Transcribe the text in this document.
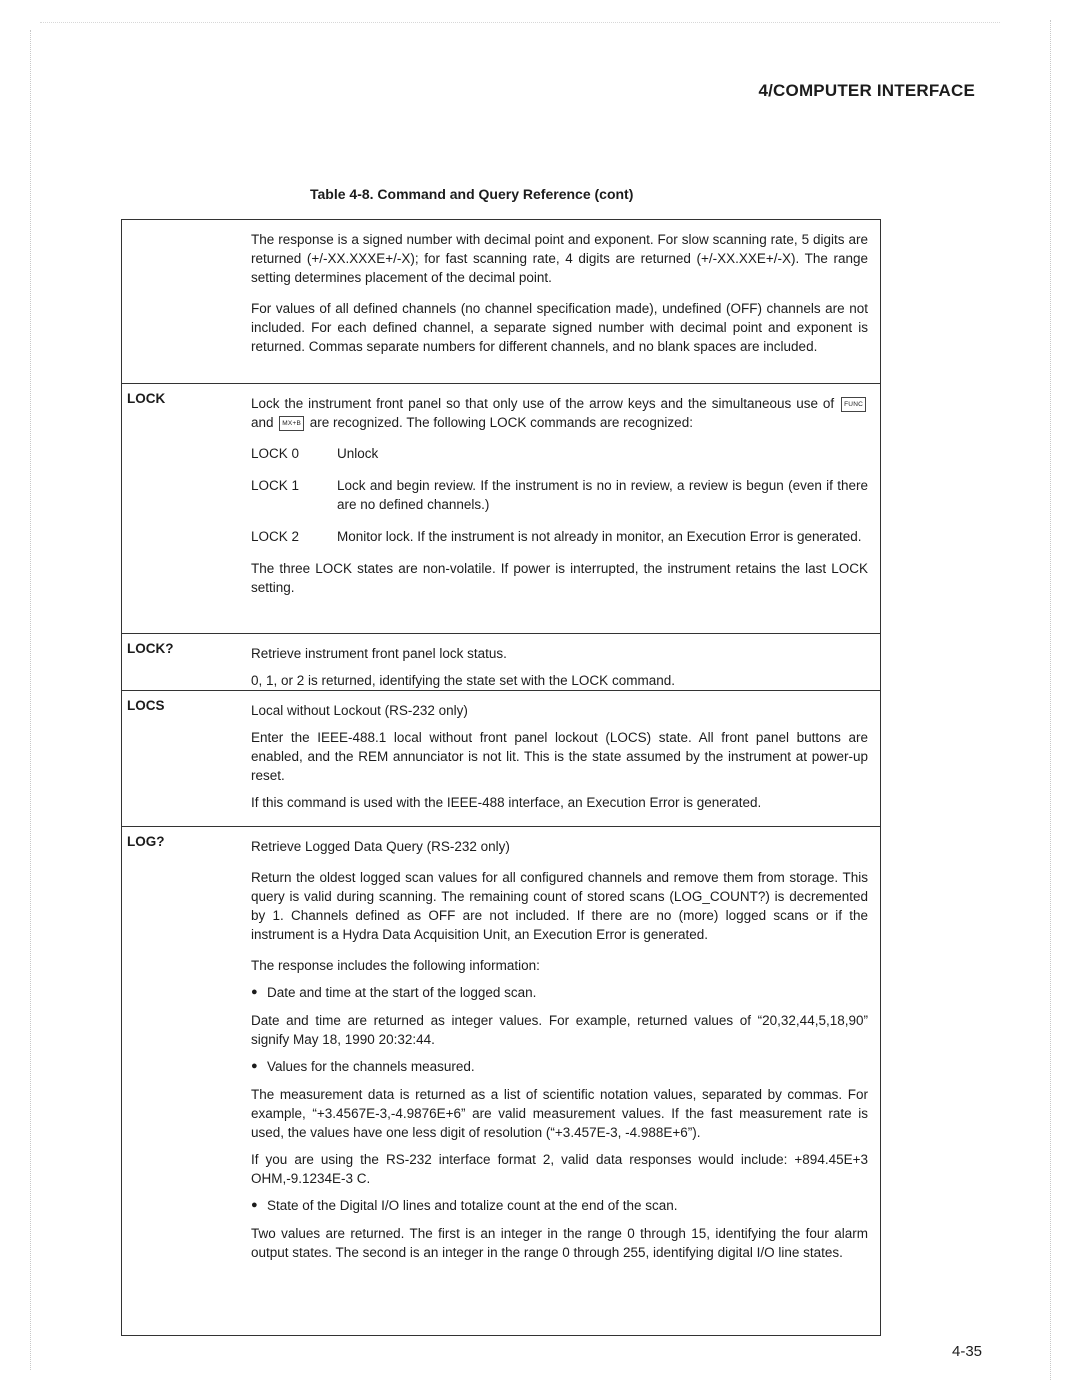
4/COMPUTER INTERFACE
Table 4-8. Command and Query Reference (cont)

The response is a signed number with decimal point and exponent. For slow scanning rate, 5 digits are returned (+/-XX.XXXE+/-X); for fast scanning rate, 4 digits are returned (+/-XX.XXE+/-X). The range setting determines placement of the decimal point.

For values of all defined channels (no channel specification made), undefined (OFF) channels are not included. For each defined channel, a separate signed number with decimal point and exponent is returned. Commas separate numbers for different channels, and no blank spaces are included.

LOCK	Lock the instrument front panel so that only use of the arrow keys and the simultaneous use of FUNC and MX+B are recognized. The following LOCK commands are recognized:

LOCK 0	Unlock
LOCK 1	Lock and begin review. If the instrument is no in review, a review is begun (even if there are no defined channels.)
LOCK 2	Monitor lock. If the instrument is not already in monitor, an Execution Error is generated.

The three LOCK states are non-volatile. If power is interrupted, the instrument retains the last LOCK setting.

LOCK?	Retrieve instrument front panel lock status.

0, 1, or 2 is returned, identifying the state set with the LOCK command.

LOCS	Local without Lockout (RS-232 only)

Enter the IEEE-488.1 local without front panel lockout (LOCS) state. All front panel buttons are enabled, and the REM annunciator is not lit. This is the state assumed by the instrument at power-up reset.

If this command is used with the IEEE-488 interface, an Execution Error is generated.

LOG?	Retrieve Logged Data Query (RS-232 only)

Return the oldest logged scan values for all configured channels and remove them from storage. This query is valid during scanning. The remaining count of stored scans (LOG_COUNT?) is decremented by 1. Channels defined as OFF are not included. If there are no (more) logged scans or if the instrument is a Hydra Data Acquisition Unit, an Execution Error is generated.

The response includes the following information:

● Date and time at the start of the logged scan.

Date and time are returned as integer values. For example, returned values of “20,32,44,5,18,90” signify May 18, 1990 20:32:44.

● Values for the channels measured.

The measurement data is returned as a list of scientific notation values, separated by commas. For example, “+3.4567E-3,-4.9876E+6” are valid measurement values. If the fast measurement rate is used, the values have one less digit of resolution (“+3.457E-3, -4.988E+6”).

If you are using the RS-232 interface format 2, valid data responses would include: +894.45E+3 OHM,-9.1234E-3 C.

● State of the Digital I/O lines and totalize count at the end of the scan.

Two values are returned. The first is an integer in the range 0 through 15, identifying the four alarm output states. The second is an integer in the range 0 through 255, identifying digital I/O line states.

4-35
